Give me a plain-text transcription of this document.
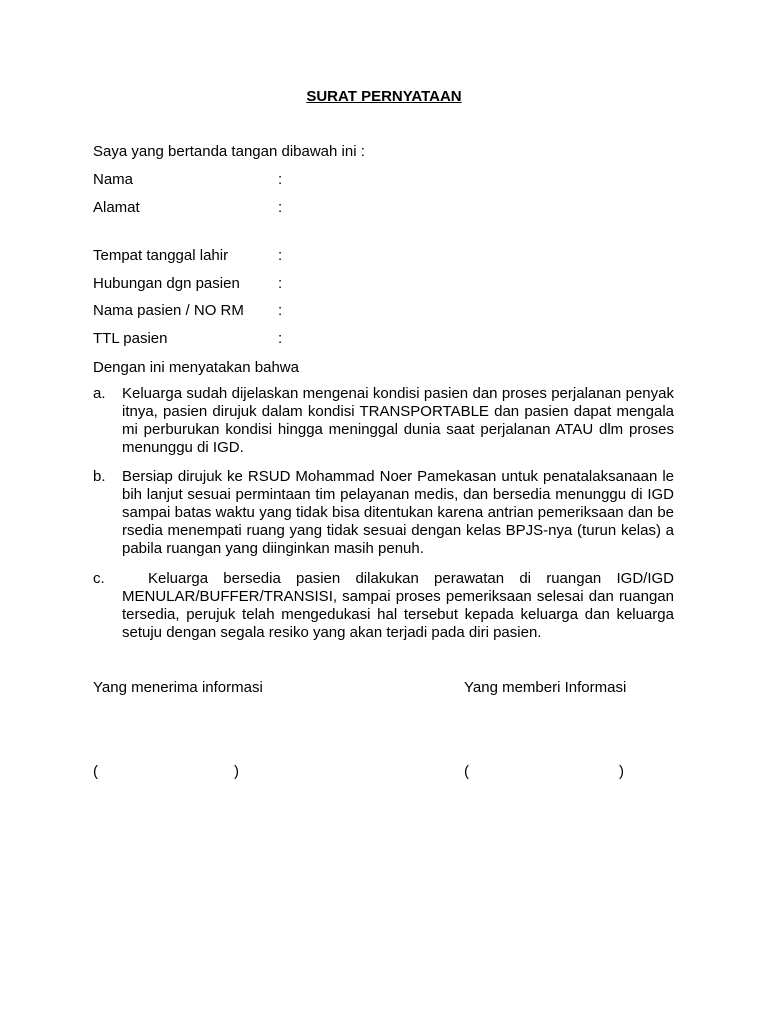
SURAT PERNYATAAN
Saya yang bertanda tangan dibawah ini :
Nama	:
Alamat	:
Tempat tanggal lahir	:
Hubungan dgn pasien	:
Nama pasien / NO RM :
TTL pasien	:
Dengan ini menyatakan bahwa
a. Keluarga sudah dijelaskan mengenai kondisi pasien dan proses perjalanan penyakitnya, pasien dirujuk dalam kondisi TRANSPORTABLE dan pasien dapat mengalami perburukan kondisi hingga meninggal dunia saat perjalanan ATAU dlm proses menunggu di IGD.
b. Bersiap dirujuk ke RSUD Mohammad Noer Pamekasan untuk penatalaksanaan lebih lanjut sesuai permintaan tim pelayanan medis, dan bersedia menunggu di IGD sampai batas waktu yang tidak bisa ditentukan karena antrian pemeriksaan dan bersedia menempati ruang yang tidak sesuai dengan kelas BPJS-nya (turun kelas) apabila ruangan yang diinginkan masih penuh.
c.	Keluarga bersedia pasien dilakukan perawatan di ruangan IGD/IGD MENULAR/BUFFER/TRANSISI, sampai proses pemeriksaan selesai dan ruangan tersedia, perujuk telah mengedukasi hal tersebut kepada keluarga dan keluarga setuju dengan segala resiko yang akan terjadi pada diri pasien.
Yang menerima informasi	Yang memberi Informasi
(	)	(	)
